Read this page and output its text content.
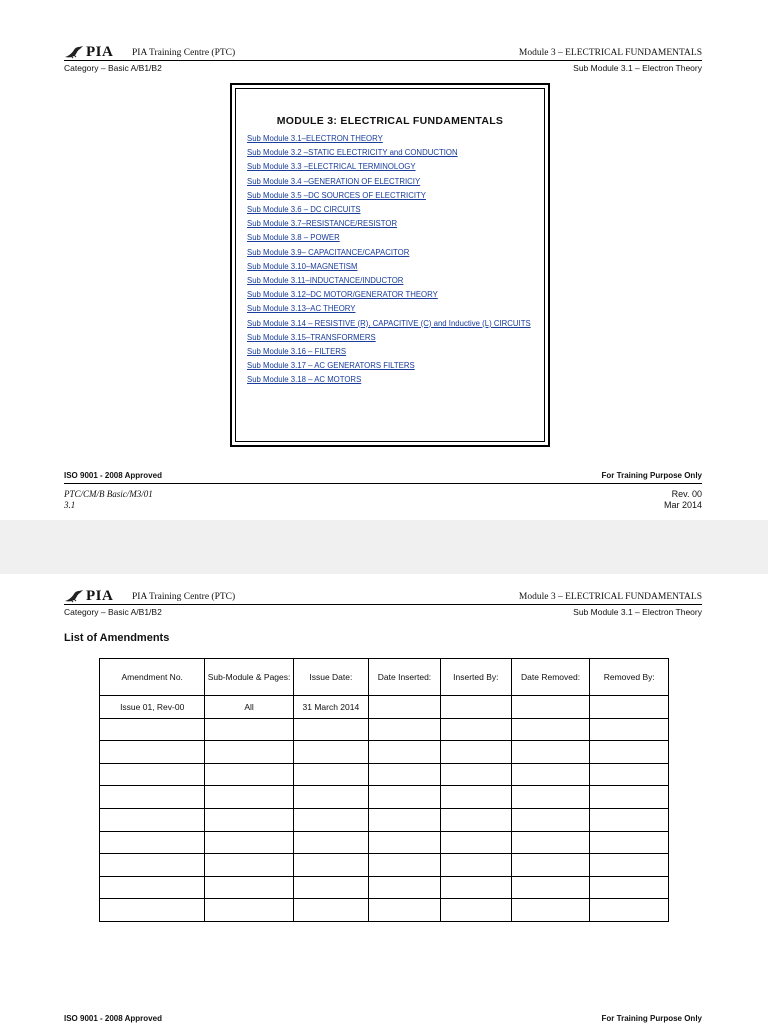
PIA PIA Training Centre (PTC)	Module 3 – ELECTRICAL FUNDAMENTALS
Category – Basic A/B1/B2	Sub Module 3.1 – Electron Theory
MODULE 3: ELECTRICAL FUNDAMENTALS
Sub Module 3.1–ELECTRON THEORY
Sub Module 3.2 –STATIC ELECTRICITY and CONDUCTION
Sub Module 3.3 –ELECTRICAL TERMINOLOGY
Sub Module 3.4 –GENERATION OF ELECTRICIY
Sub Module 3.5 –DC SOURCES OF ELECTRICITY
Sub Module 3.6 – DC CIRCUITS
Sub Module 3.7–RESISTANCE/RESISTOR
Sub Module 3.8 – POWER
Sub Module 3.9– CAPACITANCE/CAPACITOR
Sub Module 3.10–MAGNETISM
Sub Module 3.11–INDUCTANCE/INDUCTOR
Sub Module 3.12–DC MOTOR/GENERATOR THEORY
Sub Module 3.13–AC THEORY
Sub Module 3.14 – RESISTIVE (R), CAPACITIVE (C) and Inductive (L) CIRCUITS
Sub Module 3.15–TRANSFORMERS
Sub Module 3.16 – FILTERS
Sub Module 3.17 – AC GENERATORS FILTERS
Sub Module 3.18 – AC MOTORS
ISO 9001 - 2008 Approved	For Training Purpose Only
PTC/CM/B Basic/M3/01
3.1
Rev. 00
Mar 2014
PIA PIA Training Centre (PTC)	Module 3 – ELECTRICAL FUNDAMENTALS
Category – Basic A/B1/B2	Sub Module 3.1 – Electron Theory
List of Amendments
Amendment No.	Sub-Module & Pages:	Issue Date:	Date Inserted:	Inserted By:	Date Removed:	Removed By:
Issue 01, Rev-00	All	31 March 2014				

ISO 9001 - 2008 Approved	For Training Purpose Only
